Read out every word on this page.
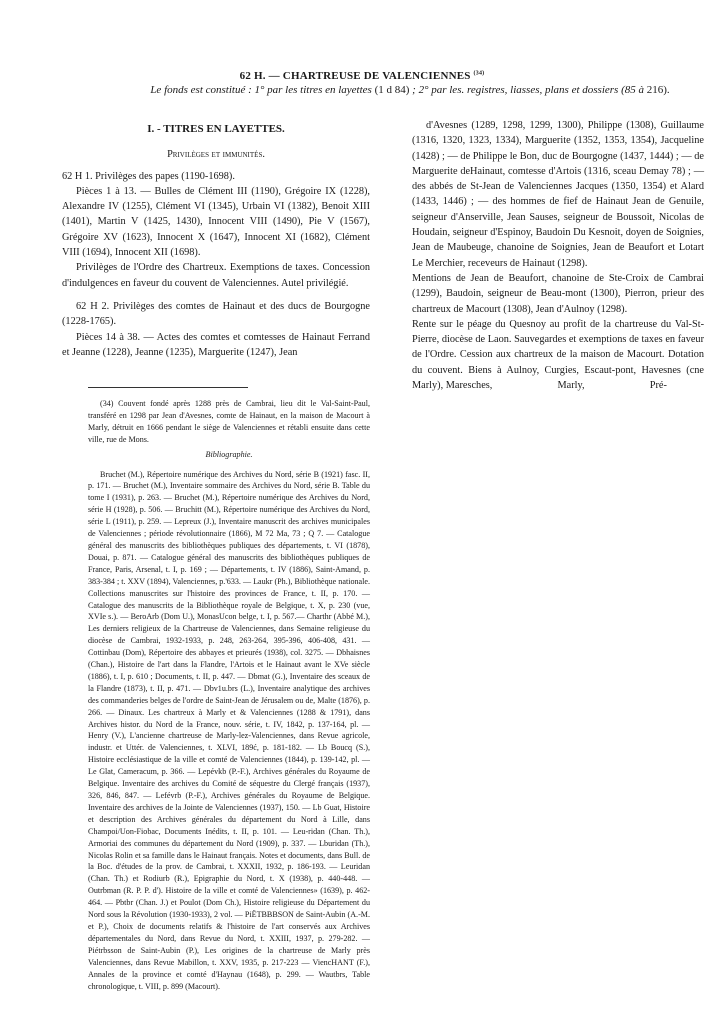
62 H. — CHARTREUSE DE VALENCIENNES $^{(34)}$
Le fonds est constitué : 1° par les titres en layettes (1 d 84) ; 2° par les. registres, liasses, plans et dossiers (85 à 216).
I. - TITRES EN LAYETTES.
Privilèges et immunités.

62 H 1. Privilèges des papes (1190-1698).

Pièces 1 à 13. — Bulles de Clément III (1190), Grégoire IX (1228), Alexandre IV (1255), Clément VI (1345), Urbain VI (1382), Benoit XIII (1401), Martin V (1425, 1430), Innocent VIII (1490), Pie V (1567), Grégoire XV (1623), Innocent X (1647), Innocent XI (1682), Clément VIII (1694), Innocent XII (1698).

Privilèges de l'Ordre des Chartreux. Exemptions de taxes. Concession d'indulgences en faveur du couvent de Valenciennes. Autel privilégié.

62 H 2. Privilèges des comtes de Hainaut et des ducs de Bourgogne (1228-1765).

Pièces 14 à 38. — Actes des comtes et comtesses de Hainaut Ferrand et Jeanne (1228), Jeanne (1235), Marguerite (1247), Jean

d'Avesnes (1289, 1298, 1299, 1300), Philippe (1308), Guillaume (1316, 1320, 1323, 1334), Marguerite (1352, 1353, 1354), Jacqueline (1428) ; — de Philippe le Bon, duc de Bourgogne (1437, 1444) ; — de Marguerite deHainaut, comtesse d'Artois (1316, sceau Demay 78) ; — des abbés de St-Jean de Valenciennes Jacques (1350, 1354) et Alard (1433, 1446) ; — des hommes de fief de Hainaut Jean de Genuile, seigneur d'Anserville, Jean Sauses, seigneur de Boussoit, Nicolas de Houdain, seigneur d'Espinoy, Baudoin Du Kesnoit, doyen de Soignies, Jean de Maubeuge, chanoine de Soignies, Jean de Beaufort et Lotart Le Merchier, receveurs de Hainaut (1298).

Mentions de Jean de Beaufort, chanoine de Ste-Croix de Cambrai (1299), Baudoin, seigneur de Beau-mont (1300), Pierron, prieur des chartreux de Macourt (1308), Jean d'Aulnoy (1298).

Rente sur le péage du Quesnoy au profit de la chartreuse du Val-St-Pierre, diocèse de Laon. Sauvegardes et exemptions de taxes en faveur de l'Ordre. Cession aux chartreux de la maison de Macourt. Dotation du couvent. Biens à Aulnoy, Curgies, Escaut-pont, Havesnes (cne Marly), Maresches,	Marly,	Pré-

(34) Couvent fondé après 1288 près de Cambrai, lieu dit le Val-Saint-Paul, transféré en 1298 par Jean d'Avesnes, comte de Hainaut, en la maison de Macourt à Marly, détruit en 1666 pendant le siège de Valenciennes et rétabli ensuite dans cette ville, rue de Mons.

Bibliographie.

Bruchet (M.), Répertoire numérique des Archives du Nord, série B (1921) fasc. II, p. 171. — Bruchet (M.), Inventaire sommaire des Archives du Nord, série B. Table du tome I (1931), p. 263. — Bruchet (M.), Répertoire numérique des Archives du Nord, série H (1928), p. 506. — Bruchitt (M.), Répertoire numérique des Archives du Nord, série L (1911), p. 259. — Lepreux (J.), Inventaire manuscrit des archives municipales de Valenciennes ; période révolutionnaire (1866), M 72 Ma, 73 ; Q 7. — Catalogue général des manuscrits des bibliothèques publiques des départements, t. VI (1878), Douai, p. 871. — Catalogue général des manuscrits des bibliothèques publiques de France, Paris, Arsenal, t. I, p. 169 ; — Départements, t. IV (1886), Saint-Amand, p. 383-384 ; t. XXV (1894), Valenciennes, p.'633. — Laukr (Ph.), Bibliothèque nationale. Collections manuscrites sur l'histoire des provinces de France, t. II, p. 170. — Catalogue des manuscrits de la Bibliothèque royale de Belgique, t. X, p. 230 (vue, XVIe s.). — BeroArb (Dom U.), MonasUcon belge, t. I, p. 567.— Charthr (Abbé M.), Les derniers religieux de la Chartreuse de Valenciennes, dans Semaine religieuse du diocèse de Cambrai, 1932-1933, p. 248, 263-264, 395-396, 406-408, 431. — Cottinbau (Dom), Répertoire des abbayes et prieurés (1938), col. 3275. — Dbhaisnes (Chan.), Histoire de l'art dans la Flandre, l'Artois et le Hainaut avant le XVe siècle (1886), t. I, p. 610 ; Documents, t. II, p. 447. — Dbmat (G.), Inventaire des sceaux de la Flandre (1873), t. II, p. 471. — Dbv1u.brs (L.), Inventaire analytique des archives des commanderies belges de l'ordre de Saint-Jean de Jérusalem ou de, Malte (1876), p. 266. — Dinaux. Les chartreux à Marly et & Valenciennes (1288 & 1791), dans Archives histor. du Nord de la France, nouv. série, t. IV, 1842, p. 137-164, pl. — Henry (V.), L'ancienne chartreuse de Marly-lez-Valenciennes, dans Revue agricole, industr. et Uttér. de Valenciennes, t. XLVI, 189ć, p. 181-182. — Lb Boucq (S.), Histoire ecclésiastique de la ville et comté de Valenciennes (1844), p. 139-142, pl. — Le Glat, Cameracum, p. 366. — Lepévkb (P.-F.), Archives générales du Royaume de Belgique. Inventaire des archives du Comité de séquestre du Clergé français (1937), 326, 846, 847. — Lefévrb (P.-F.), Archives générales du Royaume de Belgique. Inventaire des archives de la Jointe de Valenciennes (1937), 150. — Lb Guat, Histoire et description des Archives générales du département du Nord à Lille, dans Champoi/Uon-Fiobac, Documents Inédits, t. II, p. 101. — Leu-ridan (Chan. Th.), Armoriai des communes du département du Nord (1909), p. 337. — Lburidan (Th.), Nicolas Rolin et sa famille dans le Hainaut français. Notes et documents, dans Bull. de la Boc. d'études de la prov. de Cambrai, t. XXXII, 1932, p. 186-193. — Leuridan (Chan. Th.) et Rodiurb (R.), Epigraphie du Nord, t. X (1938), p. 440-448. — Outrbman (R. P. P. d'). Histoire de la ville et comté de Valenciennes» (1639), p. 462-464. — Pbtbr (Chan. J.) et Poulot (Dom Ch.), Histoire religieuse du Département du Nord sous la Révolution (1930-1933), 2 vol. — PiËTBBBSON de Saint-Aubin (A.-M. et P.), Choix de documents relatifs & l'histoire de l'art conservés aux Archives départementales du Nord, dans Revue du Nord, t. XXIII, 1937, p. 279-282. — Piétrbsson de Saint-Aubin (P.), Les origines de la chartreuse de Marly près Valenciennes, dans Revue Mabillon, t. XXV, 1935, p. 217-223 — ViencHANT (F.), Annales de la province et comté d'Haynau (1648), p. 299. — Wautbrs, Table chronologique, t. VIII, p. 899 (Macourt).
